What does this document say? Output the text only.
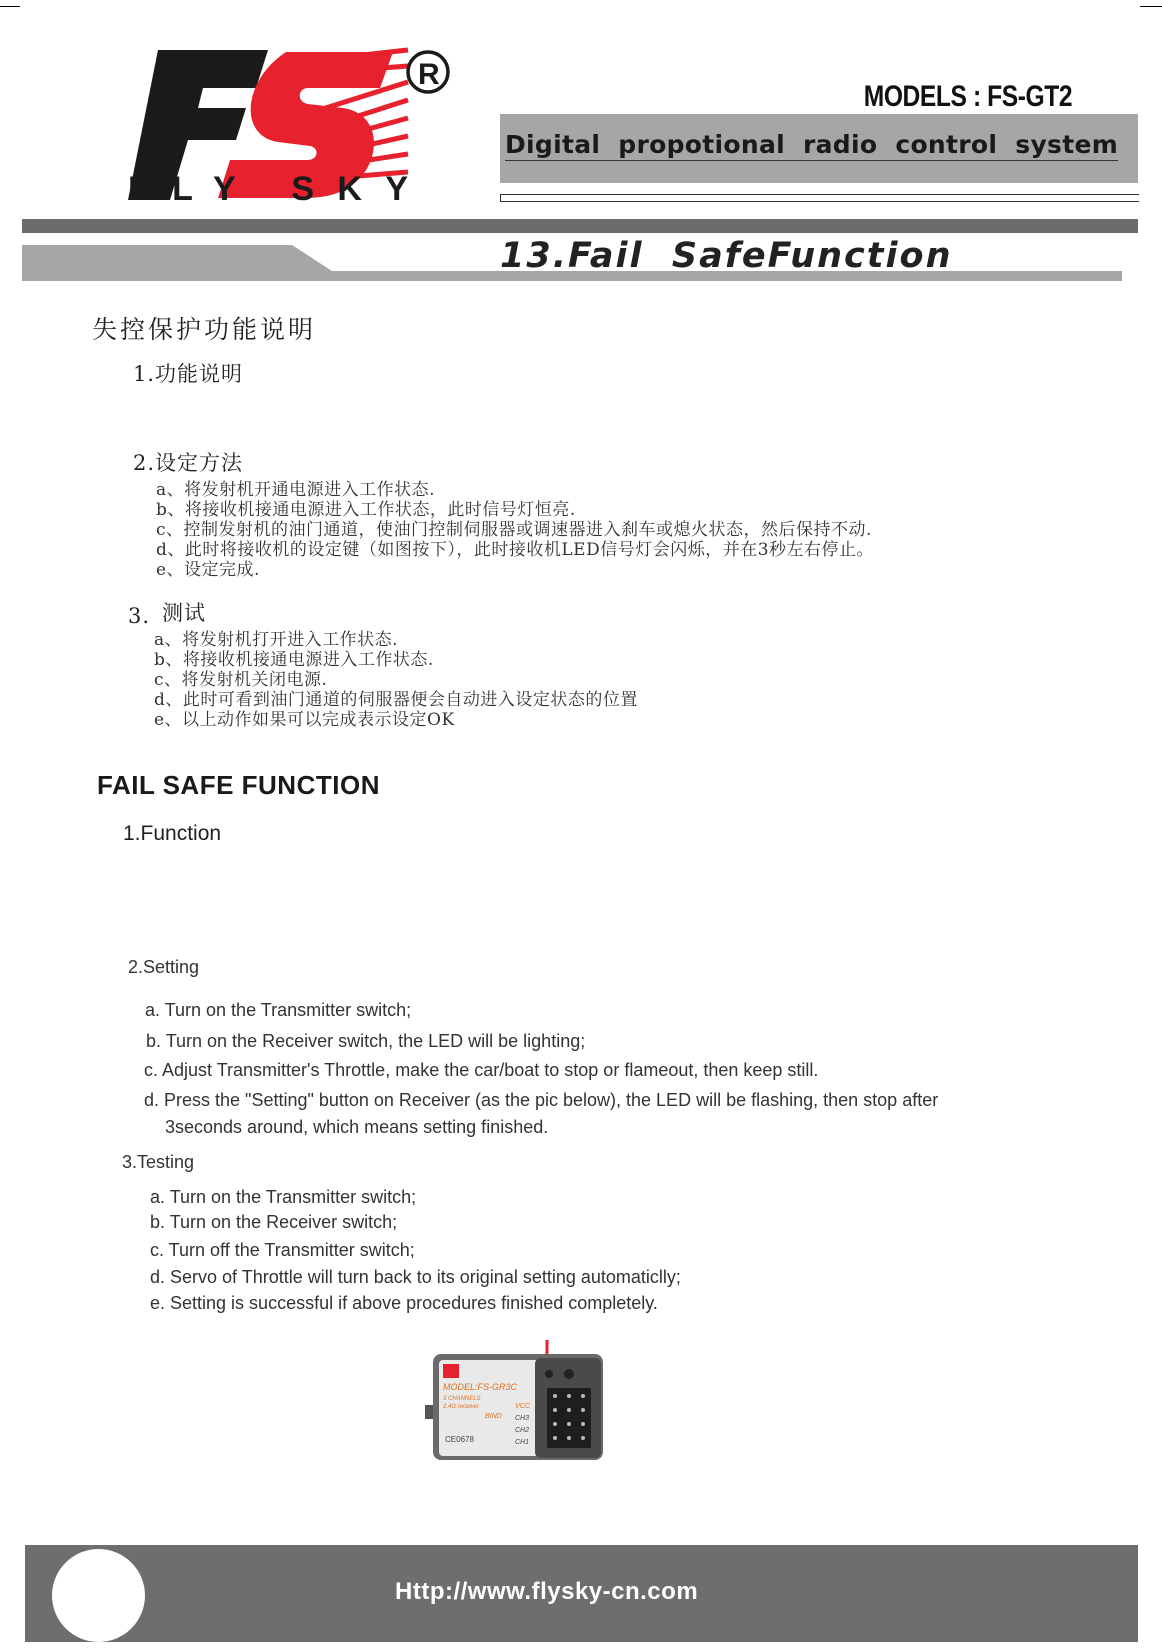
R
FLY SKY
MODELS : FS-GT2
Digital  propotional  radio  control  system
13.Fail  SafeFunction
失控保护功能说明
1.功能说明
2.设定方法
a、将发射机开通电源进入工作状态.
b、将接收机接通电源进入工作状态，此时信号灯恒亮.
c、控制发射机的油门通道，使油门控制伺服器或调速器进入刹车或熄火状态，然后保持不动.
d、此时将接收机的设定键（如图按下），此时接收机LED信号灯会闪烁，并在3秒左右停止。
e、设定完成.
3. 测试
a、将发射机打开进入工作状态.
b、将接收机接通电源进入工作状态.
c、将发射机关闭电源.
d、此时可看到油门通道的伺服器便会自动进入设定状态的位置
e、以上动作如果可以完成表示设定OK
FAIL SAFE FUNCTION
1.Function
2.Setting
a. Turn on the Transmitter switch;
b. Turn on the Receiver switch, the LED will be lighting;
c. Adjust Transmitter's Throttle, make the car/boat to stop or flameout, then keep still.
d. Press the "Setting" button on Receiver (as the pic below), the LED will be flashing, then stop after
3seconds around, which means setting finished.
3.Testing
a. Turn on the Transmitter switch;
b. Turn on the Receiver switch;
c. Turn off the Transmitter switch;
d. Servo of Throttle will turn back to its original setting automaticlly;
e. Setting is successful if above procedures finished completely.
MODEL:FS-GR3C
3 CHANNELS
2.4G receiver
BIND
VCC
CH3
CH2
CH1
CE0678
Http://www.flysky-cn.com
